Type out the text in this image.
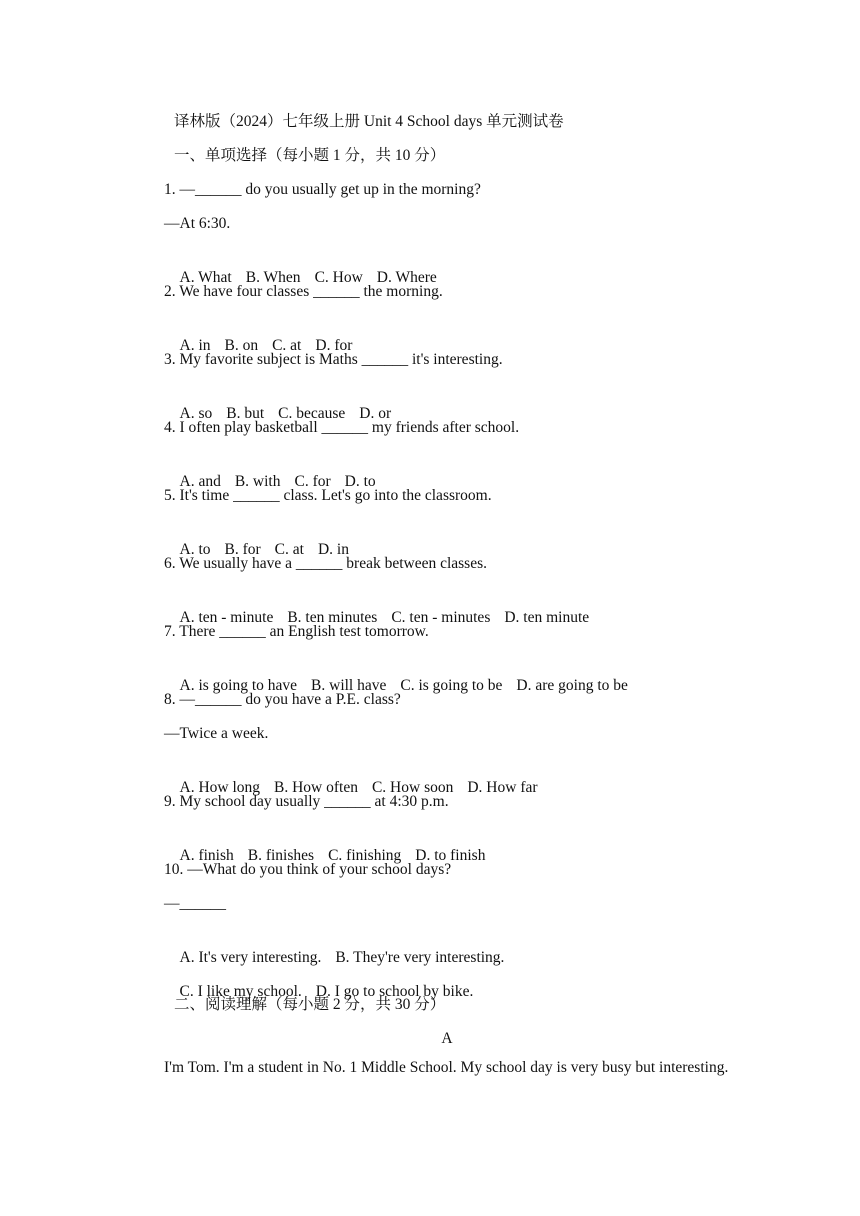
译林版（2024）七年级上册 Unit 4 School days 单元测试卷
一、单项选择（每小题 1 分，共 10 分）
1. —______ do you usually get up in the morning?
—At 6:30.

A. What B. When C. How D. Where

2. We have four classes ______ the morning.

A. in B. on C. at D. for

3. My favorite subject is Maths ______ it's interesting.

A. so B. but C. because D. or

4. I often play basketball ______ my friends after school.

A. and B. with C. for D. to

5. It's time ______ class. Let's go into the classroom.

A. to B. for C. at D. in

6. We usually have a ______ break between classes.

A. ten - minute B. ten minutes C. ten - minutes D. ten minute

7. There ______ an English test tomorrow.

A. is going to have B. will have C. is going to be D. are going to be

8. —______ do you have a P.E. class?
—Twice a week.

A. How long B. How often C. How soon D. How far

9. My school day usually ______ at 4:30 p.m.

A. finish B. finishes C. finishing D. to finish

10. —What do you think of your school days?
—______

A. It's very interesting. B. They're very interesting.

C. I like my school. D. I go to school by bike.

二、阅读理解（每小题 2 分，共 30 分）
A
I'm Tom. I'm a student in No. 1 Middle School. My school day is very busy but interesting.
